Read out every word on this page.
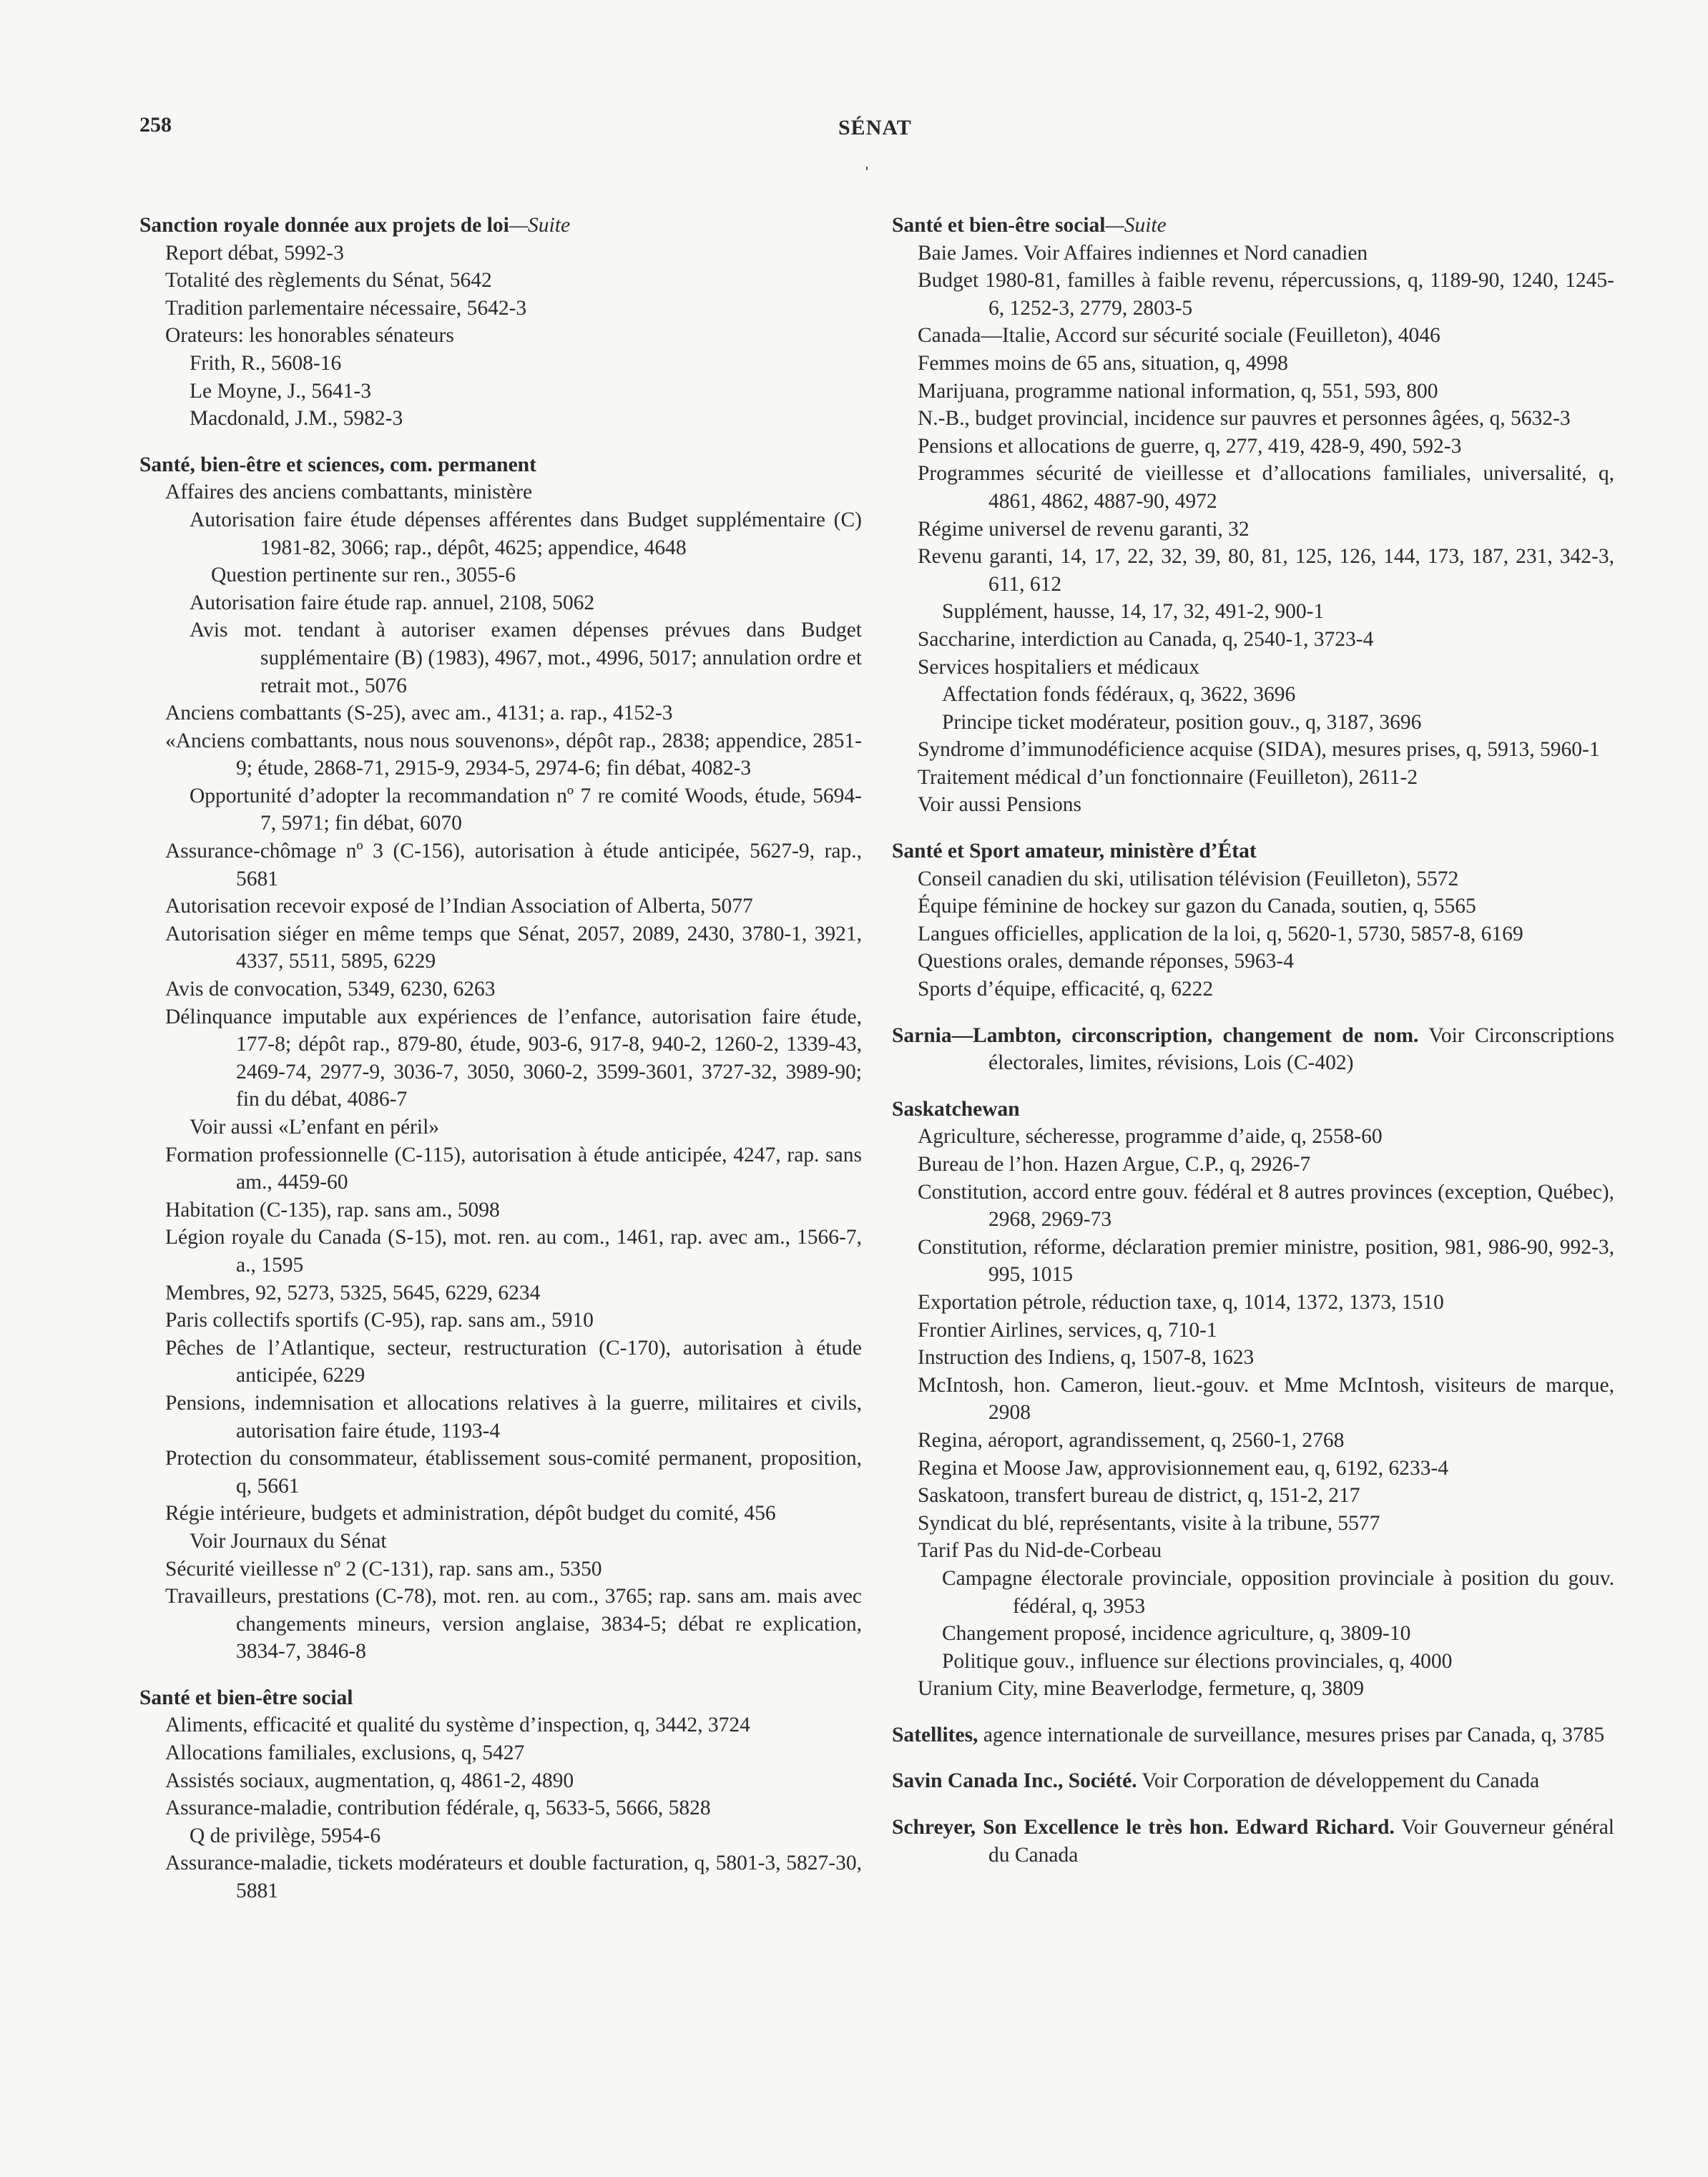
258	SÉNAT
Sanction royale donnée aux projets de loi—Suite
Report débat, 5992-3
Totalité des règlements du Sénat, 5642
Tradition parlementaire nécessaire, 5642-3
Orateurs: les honorables sénateurs
Frith, R., 5608-16
Le Moyne, J., 5641-3
Macdonald, J.M., 5982-3
Santé, bien-être et sciences, com. permanent
Affaires des anciens combattants, ministère
Autorisation faire étude dépenses afférentes dans Budget supplémentaire (C) 1981-82, 3066; rap., dépôt, 4625; appendice, 4648
Question pertinente sur ren., 3055-6
Autorisation faire étude rap. annuel, 2108, 5062
Avis mot. tendant à autoriser examen dépenses prévues dans Budget supplémentaire (B) (1983), 4967, mot., 4996, 5017; annulation ordre et retrait mot., 5076
Anciens combattants (S-25), avec am., 4131; a. rap., 4152-3
«Anciens combattants, nous nous souvenons», dépôt rap., 2838; appendice, 2851-9; étude, 2868-71, 2915-9, 2934-5, 2974-6; fin débat, 4082-3
Opportunité d’adopter la recommandation nº 7 re comité Woods, étude, 5694-7, 5971; fin débat, 6070
Assurance-chômage nº 3 (C-156), autorisation à étude anticipée, 5627-9, rap., 5681
Autorisation recevoir exposé de l’Indian Association of Alberta, 5077
Autorisation siéger en même temps que Sénat, 2057, 2089, 2430, 3780-1, 3921, 4337, 5511, 5895, 6229
Avis de convocation, 5349, 6230, 6263
Délinquance imputable aux expériences de l’enfance, autorisation faire étude, 177-8; dépôt rap., 879-80, étude, 903-6, 917-8, 940-2, 1260-2, 1339-43, 2469-74, 2977-9, 3036-7, 3050, 3060-2, 3599-3601, 3727-32, 3989-90; fin du débat, 4086-7
Voir aussi «L’enfant en péril»
Formation professionnelle (C-115), autorisation à étude anticipée, 4247, rap. sans am., 4459-60
Habitation (C-135), rap. sans am., 5098
Légion royale du Canada (S-15), mot. ren. au com., 1461, rap. avec am., 1566-7, a., 1595
Membres, 92, 5273, 5325, 5645, 6229, 6234
Paris collectifs sportifs (C-95), rap. sans am., 5910
Pêches de l’Atlantique, secteur, restructuration (C-170), autorisation à étude anticipée, 6229
Pensions, indemnisation et allocations relatives à la guerre, militaires et civils, autorisation faire étude, 1193-4
Protection du consommateur, établissement sous-comité permanent, proposition, q, 5661
Régie intérieure, budgets et administration, dépôt budget du comité, 456
Voir Journaux du Sénat
Sécurité vieillesse nº 2 (C-131), rap. sans am., 5350
Travailleurs, prestations (C-78), mot. ren. au com., 3765; rap. sans am. mais avec changements mineurs, version anglaise, 3834-5; débat re explication, 3834-7, 3846-8
Santé et bien-être social
Aliments, efficacité et qualité du système d’inspection, q, 3442, 3724
Allocations familiales, exclusions, q, 5427
Assistés sociaux, augmentation, q, 4861-2, 4890
Assurance-maladie, contribution fédérale, q, 5633-5, 5666, 5828
Q de privilège, 5954-6
Assurance-maladie, tickets modérateurs et double facturation, q, 5801-3, 5827-30, 5881
Santé et bien-être social—Suite
Baie James. Voir Affaires indiennes et Nord canadien
Budget 1980-81, familles à faible revenu, répercussions, q, 1189-90, 1240, 1245-6, 1252-3, 2779, 2803-5
Canada—Italie, Accord sur sécurité sociale (Feuilleton), 4046
Femmes moins de 65 ans, situation, q, 4998
Marijuana, programme national information, q, 551, 593, 800
N.-B., budget provincial, incidence sur pauvres et personnes âgées, q, 5632-3
Pensions et allocations de guerre, q, 277, 419, 428-9, 490, 592-3
Programmes sécurité de vieillesse et d’allocations familiales, universalité, q, 4861, 4862, 4887-90, 4972
Régime universel de revenu garanti, 32
Revenu garanti, 14, 17, 22, 32, 39, 80, 81, 125, 126, 144, 173, 187, 231, 342-3, 611, 612
Supplément, hausse, 14, 17, 32, 491-2, 900-1
Saccharine, interdiction au Canada, q, 2540-1, 3723-4
Services hospitaliers et médicaux
Affectation fonds fédéraux, q, 3622, 3696
Principe ticket modérateur, position gouv., q, 3187, 3696
Syndrome d’immunodéficience acquise (SIDA), mesures prises, q, 5913, 5960-1
Traitement médical d’un fonctionnaire (Feuilleton), 2611-2
Voir aussi Pensions
Santé et Sport amateur, ministère d’État
Conseil canadien du ski, utilisation télévision (Feuilleton), 5572
Équipe féminine de hockey sur gazon du Canada, soutien, q, 5565
Langues officielles, application de la loi, q, 5620-1, 5730, 5857-8, 6169
Questions orales, demande réponses, 5963-4
Sports d’équipe, efficacité, q, 6222
Sarnia—Lambton, circonscription, changement de nom. Voir Circonscriptions électorales, limites, révisions, Lois (C-402)
Saskatchewan
Agriculture, sécheresse, programme d’aide, q, 2558-60
Bureau de l’hon. Hazen Argue, C.P., q, 2926-7
Constitution, accord entre gouv. fédéral et 8 autres provinces (exception, Québec), 2968, 2969-73
Constitution, réforme, déclaration premier ministre, position, 981, 986-90, 992-3, 995, 1015
Exportation pétrole, réduction taxe, q, 1014, 1372, 1373, 1510
Frontier Airlines, services, q, 710-1
Instruction des Indiens, q, 1507-8, 1623
McIntosh, hon. Cameron, lieut.-gouv. et Mme McIntosh, visiteurs de marque, 2908
Regina, aéroport, agrandissement, q, 2560-1, 2768
Regina et Moose Jaw, approvisionnement eau, q, 6192, 6233-4
Saskatoon, transfert bureau de district, q, 151-2, 217
Syndicat du blé, représentants, visite à la tribune, 5577
Tarif Pas du Nid-de-Corbeau
Campagne électorale provinciale, opposition provinciale à position du gouv. fédéral, q, 3953
Changement proposé, incidence agriculture, q, 3809-10
Politique gouv., influence sur élections provinciales, q, 4000
Uranium City, mine Beaverlodge, fermeture, q, 3809
Satellites, agence internationale de surveillance, mesures prises par Canada, q, 3785
Savin Canada Inc., Société. Voir Corporation de développement du Canada
Schreyer, Son Excellence le très hon. Edward Richard. Voir Gouverneur général du Canada
